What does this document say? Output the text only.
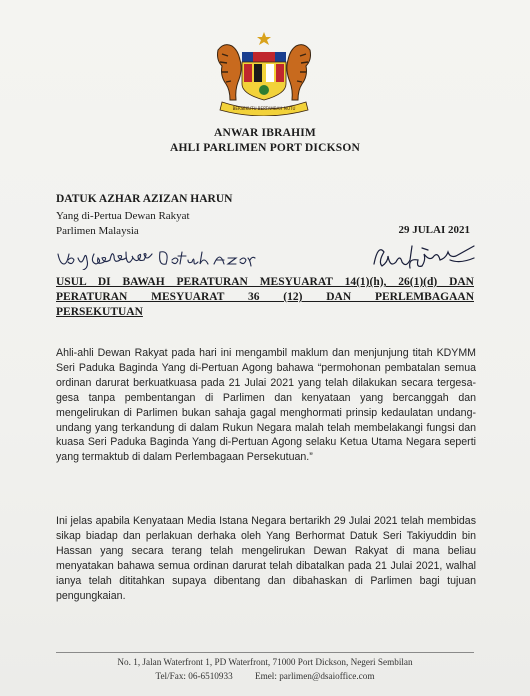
BERSEKUTU BERTAMBAH MUTU
ANWAR IBRAHIM
AHLI PARLIMEN PORT DICKSON
DATUK AZHAR AZIZAN HARUN
Yang di-Pertua Dewan Rakyat
Parlimen Malaysia	29 JULAI 2021
USUL DI BAWAH PERATURAN MESYUARAT 14(1)(h), 26(1)(d) DAN
PERATURAN MESYUARAT 36 (12) DAN PERLEMBAGAAN

PERSEKUTUAN
Ahli-ahli Dewan Rakyat pada hari ini mengambil maklum dan menjunjung titah KDYMM Seri Paduka Baginda Yang di-Pertuan Agong bahawa “permohonan pembatalan semua ordinan darurat berkuatkuasa pada 21 Julai 2021 yang telah dilakukan secara tergesa-gesa tanpa pembentangan di Parlimen dan kenyataan yang bercanggah dan mengelirukan di Parlimen bukan sahaja gagal menghormati prinsip kedaulatan undang-undang yang terkandung di dalam Rukun Negara malah telah membelakangi fungsi dan kuasa Seri Paduka Baginda Yang di-Pertuan Agong selaku Ketua Utama Negara seperti yang termaktub di dalam Perlembagaan Persekutuan.”
Ini jelas apabila Kenyataan Media Istana Negara bertarikh 29 Julai 2021 telah membidas sikap biadap dan perlakuan derhaka oleh Yang Berhormat Datuk Seri Takiyuddin bin Hassan yang secara terang telah mengelirukan Dewan Rakyat di mana beliau menyatakan bahawa semua ordinan darurat telah dibatalkan pada 21 Julai 2021, walhal ianya telah dititahkan supaya dibentang dan dibahaskan di Parlimen bagi tujuan pengungkaian.
No. 1, Jalan Waterfront 1, PD Waterfront, 71000 Port Dickson, Negeri Sembilan
Tel/Fax: 06-6510933 Emel: parlimen@dsaioffice.com
